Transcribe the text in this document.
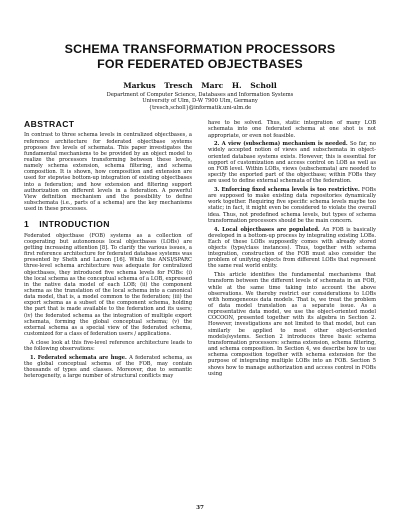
SCHEMA TRANSFORMATION PROCESSORS
FOR FEDERATED OBJECTBASES
Markus Tresch Marc H. Scholl
Department of Computer Science, Databases and Information Systems
University of Ulm, D-W 7900 Ulm, Germany
{tresch,scholl}@informatik.uni-ulm.de
ABSTRACT

In contrast to three schema levels in centralized objectbases, a reference architecture for federated objectbase systems proposes five levels of schemata. This paper investigates the fundamental mechanisms to be provided by an object model to realize the processors transforming between these levels, namely schema extension, schema filtering, and schema composition. It is shown, how composition and extension are used for stepwise bottom-up integration of existing objectbases into a federation; and how extension and filtering support authorization on different levels in a federation. A powerful View definition mechanism and the possibility to define subschemata (i.e., parts of a schema) are the key mechanisms used in these processes.

1 INTRODUCTION

Federated objectbase (FOB) systems as a collection of cooperating but autonomous local objectbases (LOBs) are getting increasing attention [8]. To clarify the various issues, a first reference architecture for federated database systems was presented by Sheth and Larson [16]. While the ANSI/SPARC three-level schema architecture was adequate for centralized objectbases, they introduced five schema levels for FOBs: (i) the local schema as the conceptual schema of a LOB, expressed in the native data model of each LOB; (ii) the component schema as the translation of the local schema into a canonical data model, that is, a model common to the federation; (iii) the export schema as a subset of the component schema, holding the part that is made available to the federation and its users; (iv) the federated schema as the integration of multiple export schemata, forming the global conceptual schema; (v) the external schema as a special view of the federated schema, customized for a class of federation users / applications.

A close look at this five-level reference architecture leads to the following observations:

1. Federated schemata are huge. A federated schema, as the global conceptual schema of the FOB, may contain thousands of types and classes. Moreover, due to semantic heterogeneity, a large number of structural conflicts may

have to be solved. Thus, static integration of many LOB schemata into one federated schema at one shot is not appropriate, or even not feasible.

2. A view (subschema) mechanism is needed. So far, no widely accepted notion of views and subschemata in object-oriented database systems exists. However, this is essential for support of customization and access control on LOB as well as on FOB level. Within LOBs, views (subschemata) are needed to specify the exported part of the objectbase; within FOBs they are used to define external schemata of the federation.

3. Enforcing fixed schema levels is too restrictive. FOBs are supposed to make existing data repositories dynamically work together. Requiring five specific schema levels maybe too static; in fact, it might even be considered to violate the overall idea. Thus, not predefined schema levels, but types of schema transformation processors should be the main concern.

4. Local objectbases are populated. An FOB is basically developed in a bottom-up process by integrating existing LOBs. Each of these LOBs supposedly comes with already stored objects (type/class instances). Thus, together with schema integration, construction of the FOB must also consider the problem of unifying objects from different LOBs that represent the same real world entity.

This article identifies the fundamental mechanisms that transform between the different levels of schemata in an FOB, while at the same time taking into account the above observations. We thereby restrict our considerations to LOBs with homogeneous data models. That is, we treat the problem of data model translation as a separate issue. As a representative data model, we use the object-oriented model COCOON, presented together with its algebra in Section 2. However, investigations are not limited to that model, but can similarly be applied to most other object-oriented models/systems. Section 2 introduces three basic schema transformation processors: schema extension, schema filtering, and schema composition. In Section 4, we describe how to use schema composition together with schema extension for the purpose of integrating multiple LOBs into an FOB. Section 5 shows how to manage authorization and access control in FOBs using

37
